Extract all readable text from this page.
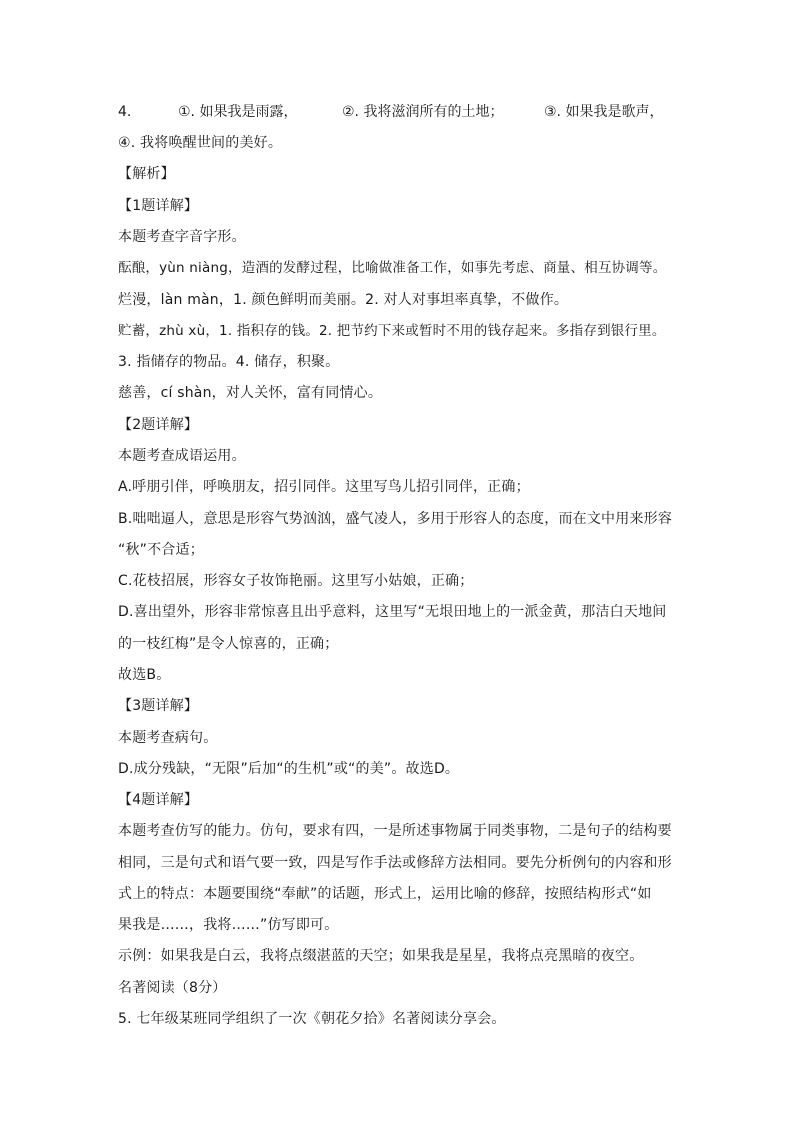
4.	①. 如果我是雨露，	②. 我将滋润所有的土地；	③. 如果我是歌声，
④. 我将唤醒世间的美好。
【解析】
【1题详解】
本题考查字音字形。
酝酿，yùn niàng，造酒的发酵过程，比喻做准备工作，如事先考虑、商量、相互协调等。
烂漫，làn màn，1. 颜色鲜明而美丽。2. 对人对事坦率真挚，不做作。
贮蓄，zhù xù，1. 指积存的钱。2. 把节约下来或暂时不用的钱存起来。多指存到银行里。
3. 指储存的物品。4. 储存，积聚。
慈善，cí shàn，对人关怀，富有同情心。
【2题详解】
本题考查成语运用。
A.呼朋引伴，呼唤朋友，招引同伴。这里写鸟儿招引同伴，正确；
B.咄咄逼人，意思是形容气势汹汹，盛气凌人，多用于形容人的态度，而在文中用来形容
“秋”不合适；
C.花枝招展，形容女子妆饰艳丽。这里写小姑娘，正确；
D.喜出望外，形容非常惊喜且出乎意料，这里写“无垠田地上的一派金黄，那洁白天地间
的一枝红梅”是令人惊喜的，正确；
故选B。
【3题详解】
本题考查病句。
D.成分残缺，“无限”后加“的生机”或“的美”。故选D。
【4题详解】
本题考查仿写的能力。仿句，要求有四，一是所述事物属于同类事物，二是句子的结构要
相同，三是句式和语气要一致，四是写作手法或修辞方法相同。要先分析例句的内容和形
式上的特点：本题要围绕“奉献”的话题，形式上，运用比喻的修辞，按照结构形式“如
果我是……，我将……”仿写即可。
示例：如果我是白云，我将点缀湛蓝的天空；如果我是星星，我将点亮黑暗的夜空。
名著阅读（8分）
5. 七年级某班同学组织了一次《朝花夕拾》名著阅读分享会。
